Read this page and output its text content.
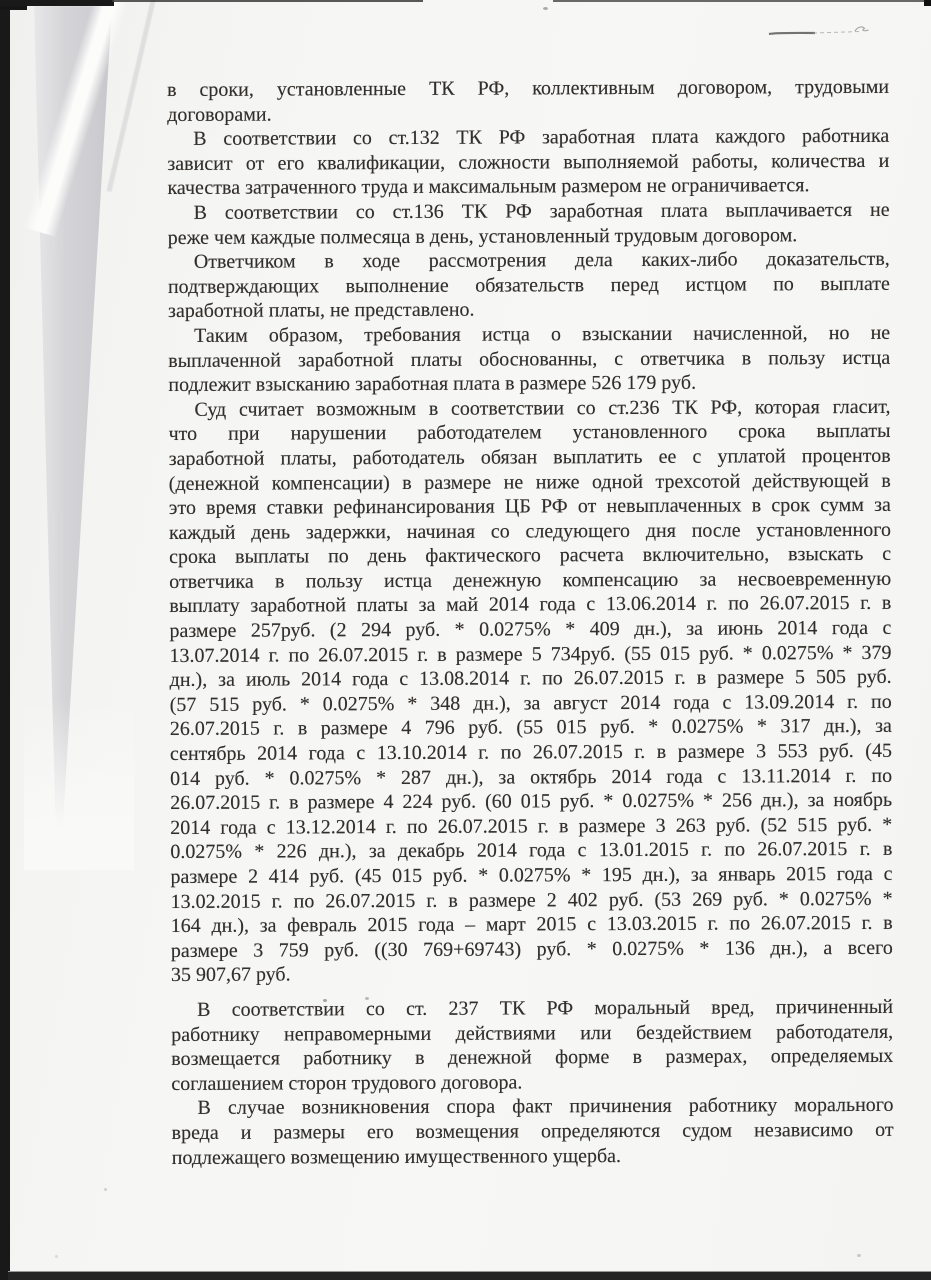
в сроки, установленные ТК РФ, коллективным договором, трудовыми
договорами.
В соответствии со ст.132 ТК РФ заработная плата каждого работника
зависит от его квалификации, сложности выполняемой работы, количества и
качества затраченного труда и максимальным размером не ограничивается.
В соответствии со ст.136 ТК РФ заработная плата выплачивается не
реже чем каждые полмесяца в день, установленный трудовым договором.
Ответчиком в ходе рассмотрения дела каких-либо доказательств,
подтверждающих выполнение обязательств перед истцом по выплате
заработной платы, не представлено.
Таким образом, требования истца о взыскании начисленной, но не
выплаченной заработной платы обоснованны, с ответчика в пользу истца
подлежит взысканию заработная плата в размере 526 179 руб.
Суд считает возможным в соответствии со ст.236 ТК РФ, которая гласит,
что при нарушении работодателем установленного срока выплаты
заработной платы, работодатель обязан выплатить ее с уплатой процентов
(денежной компенсации) в размере не ниже одной трехсотой действующей в
это время ставки рефинансирования ЦБ РФ от невыплаченных в срок сумм за
каждый день задержки, начиная со следующего дня после установленного
срока выплаты по день фактического расчета включительно, взыскать с
ответчика в пользу истца денежную компенсацию за несвоевременную
выплату заработной платы за май 2014 года с 13.06.2014 г. по 26.07.2015 г. в
размере 257руб. (2 294 руб. * 0.0275% * 409 дн.), за июнь 2014 года с
13.07.2014 г. по 26.07.2015 г. в размере 5 734руб. (55 015 руб. * 0.0275% * 379
дн.), за июль 2014 года с 13.08.2014 г. по 26.07.2015 г. в размере 5 505 руб.
(57 515 руб. * 0.0275% * 348 дн.), за август 2014 года с 13.09.2014 г. по
26.07.2015 г. в размере 4 796 руб. (55 015 руб. * 0.0275% * 317 дн.), за
сентябрь 2014 года с 13.10.2014 г. по 26.07.2015 г. в размере 3 553 руб. (45
014 руб. * 0.0275% * 287 дн.), за октябрь 2014 года с 13.11.2014 г. по
26.07.2015 г. в размере 4 224 руб. (60 015 руб. * 0.0275% * 256 дн.), за ноябрь
2014 года с 13.12.2014 г. по 26.07.2015 г. в размере 3 263 руб. (52 515 руб. *
0.0275% * 226 дн.), за декабрь 2014 года с 13.01.2015 г. по 26.07.2015 г. в
размере 2 414 руб. (45 015 руб. * 0.0275% * 195 дн.), за январь 2015 года с
13.02.2015 г. по 26.07.2015 г. в размере 2 402 руб. (53 269 руб. * 0.0275% *
164 дн.), за февраль 2015 года – март 2015 с 13.03.2015 г. по 26.07.2015 г. в
размере 3 759 руб. ((30 769+69743) руб. * 0.0275% * 136 дн.), а всего
35 907,67 руб.
В соответствии со ст. 237 ТК РФ моральный вред, причиненный
работнику неправомерными действиями или бездействием работодателя,
возмещается работнику в денежной форме в размерах, определяемых
соглашением сторон трудового договора.
В случае возникновения спора факт причинения работнику морального
вреда и размеры его возмещения определяются судом независимо от
подлежащего возмещению имущественного ущерба.
